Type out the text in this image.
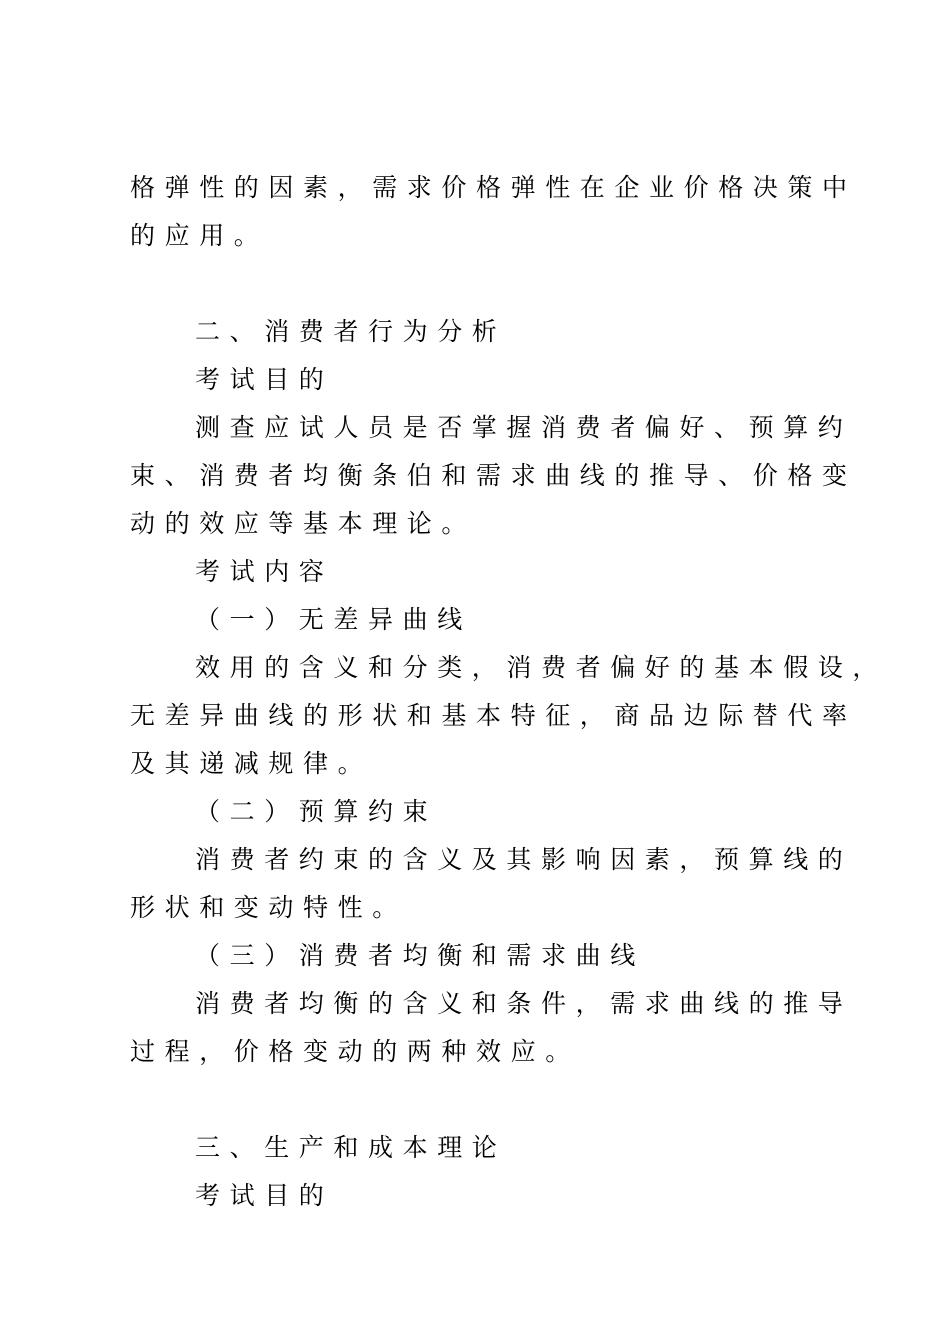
格弹性的因素，需求价格弹性在企业价格决策中
的应用。
二、消费者行为分析
考试目的
测查应试人员是否掌握消费者偏好、预算约
束、消费者均衡条伯和需求曲线的推导、价格变
动的效应等基本理论。
考试内容
（一）无差异曲线
效用的含义和分类，消费者偏好的基本假设，
无差异曲线的形状和基本特征，商品边际替代率
及其递减规律。
（二）预算约束
消费者约束的含义及其影响因素，预算线的
形状和变动特性。
（三）消费者均衡和需求曲线
消费者均衡的含义和条件，需求曲线的推导
过程，价格变动的两种效应。
三、生产和成本理论
考试目的
